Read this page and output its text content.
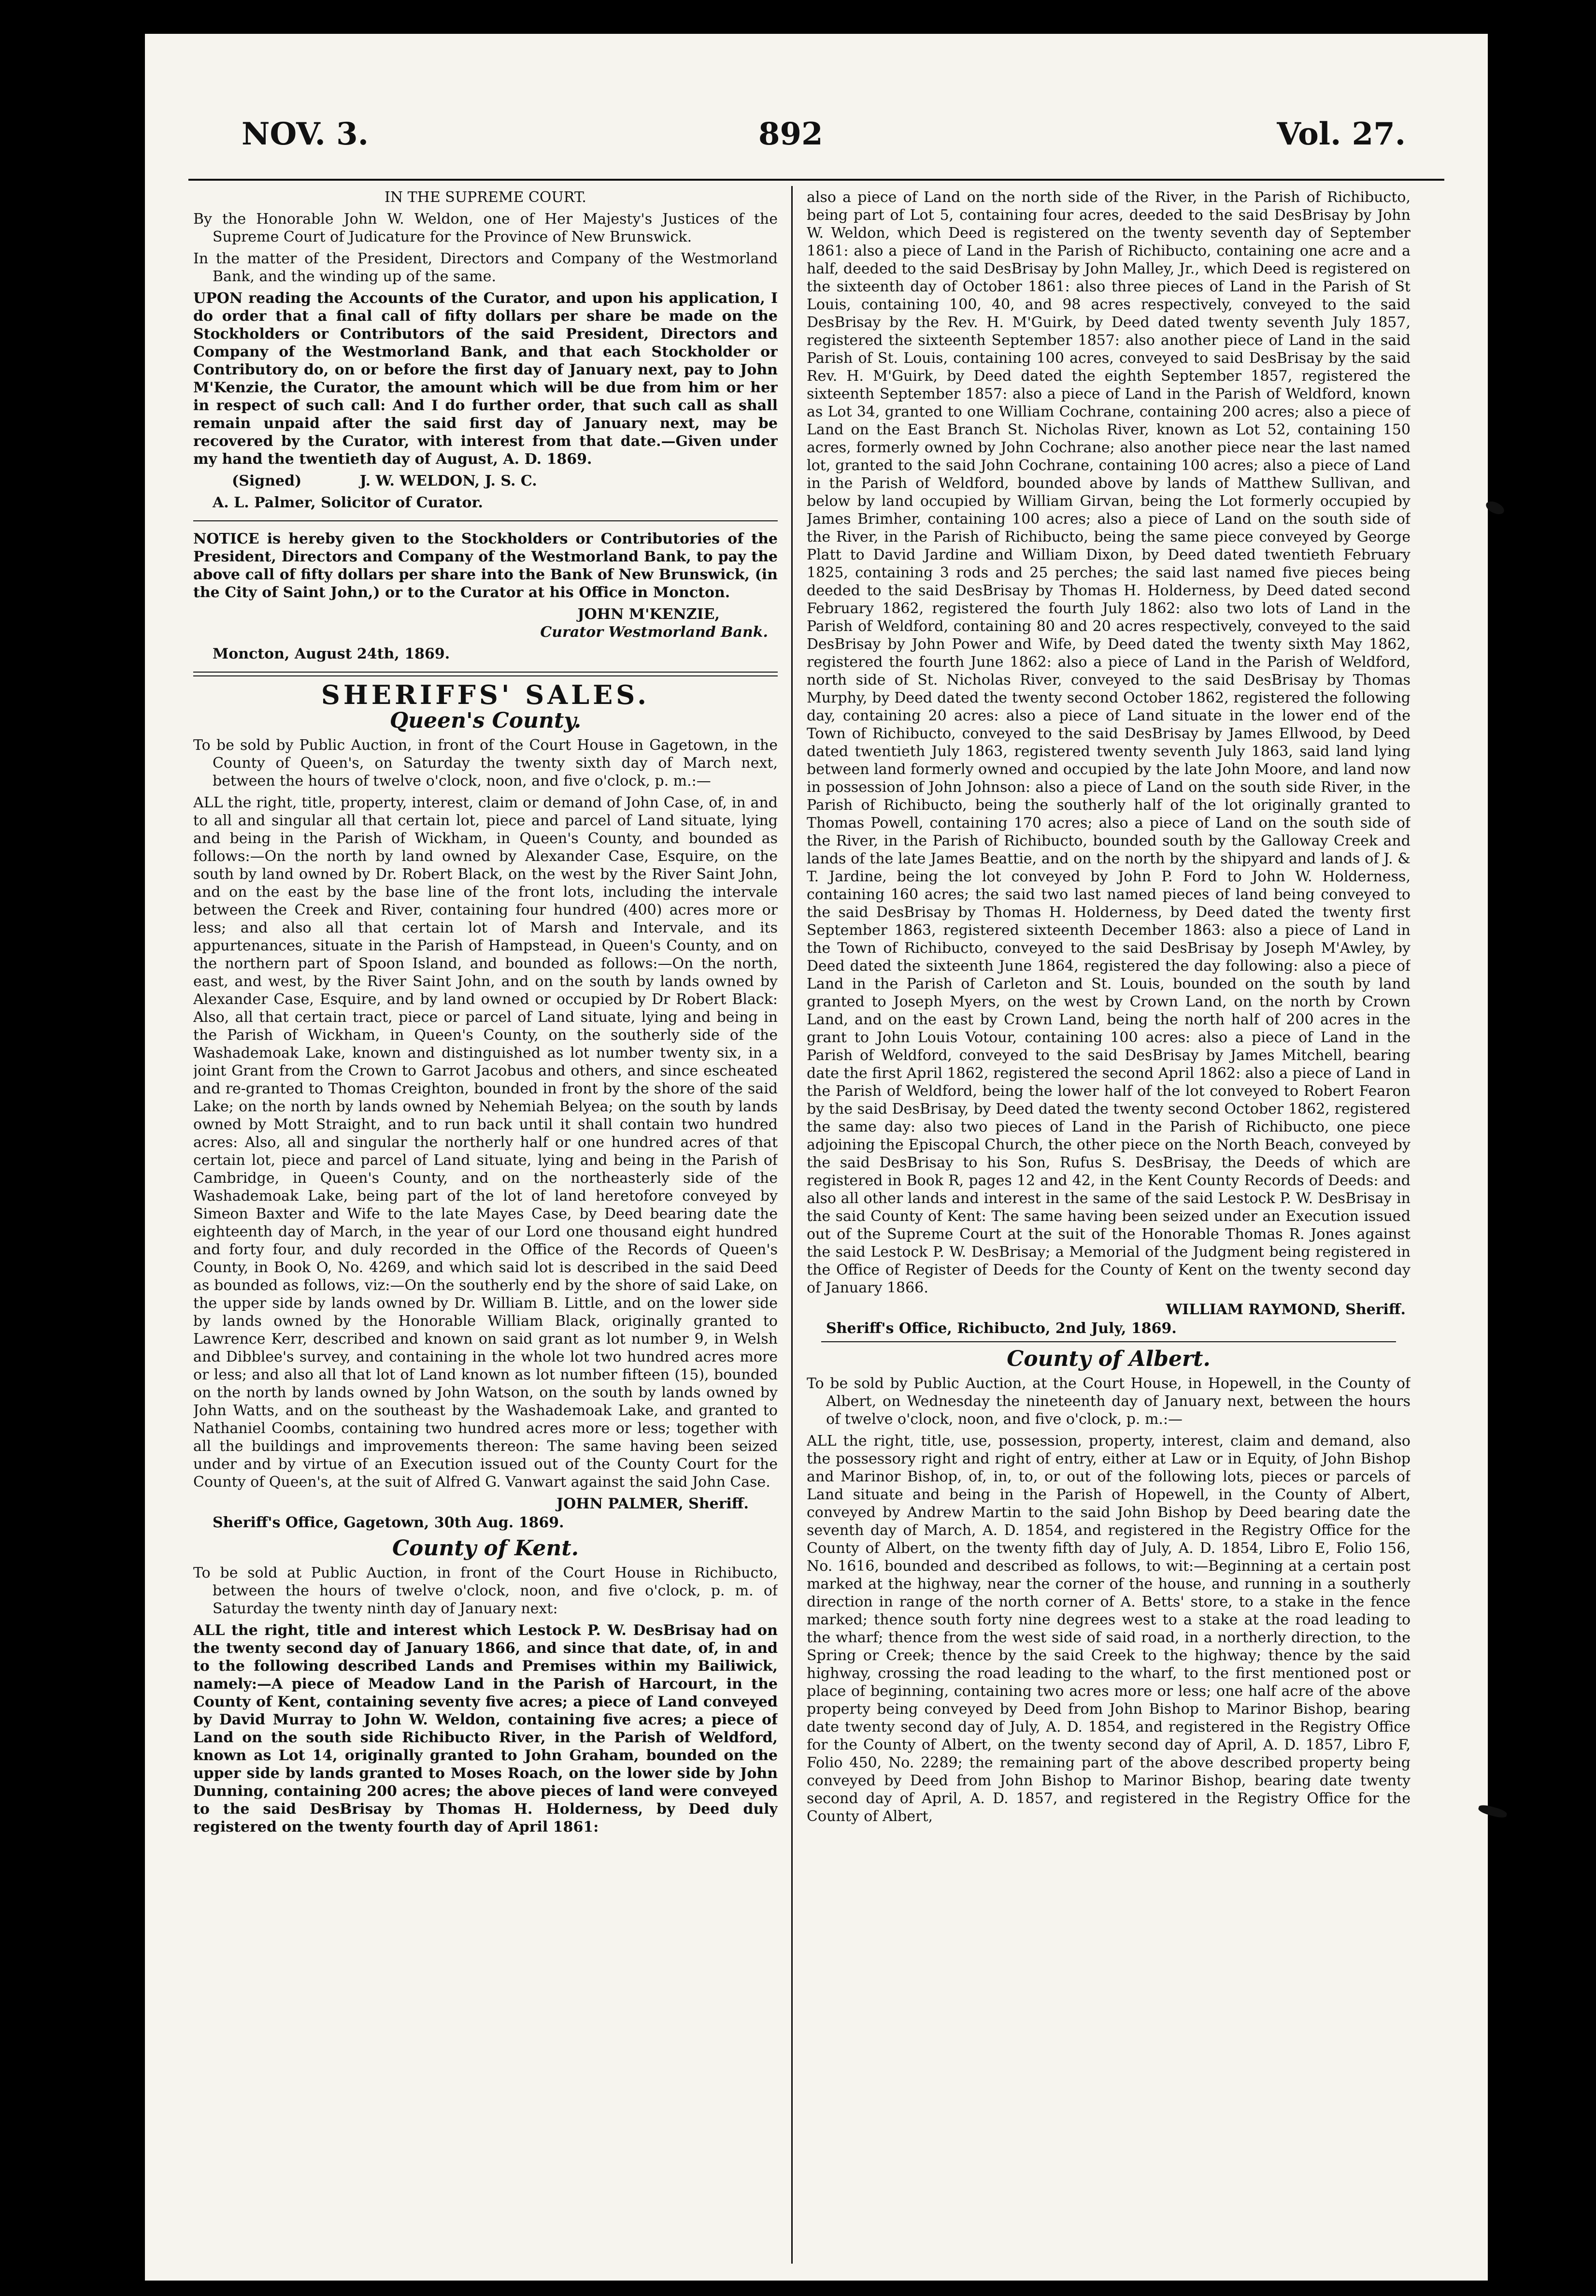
NOV. 3.	892	Vol. 27.

IN THE SUPREME COURT.

By the Honorable John W. Weldon, one of Her Majesty's Justices of the Supreme Court of Judicature for the Province of New Brunswick.

In the matter of the President, Directors and Company of the Westmorland Bank, and the winding up of the same.

UPON reading the Accounts of the Curator, and upon his application, I do order that a final call of fifty dollars per share be made on the Stockholders or Contributors of the said President, Directors and Company of the Westmorland Bank, and that each Stockholder or Contributory do, on or before the first day of January next, pay to John M'Kenzie, the Curator, the amount which will be due from him or her in respect of such call: And I do further order, that such call as shall remain unpaid after the said first day of January next, may be recovered by the Curator, with interest from that date.—Given under my hand the twentieth day of August, A. D. 1869.

(Signed)	J. W. WELDON, J. S. C.

A. L. Palmer, Solicitor of Curator.

NOTICE is hereby given to the Stockholders or Contributories of the President, Directors and Company of the Westmorland Bank, to pay the above call of fifty dollars per share into the Bank of New Brunswick, (in the City of Saint John,) or to the Curator at his Office in Moncton.

JOHN M'KENZIE,

Curator Westmorland Bank.

Moncton, August 24th, 1869.

SHERIFFS' SALES.
Queen's County.

To be sold by Public Auction, in front of the Court House in Gagetown, in the County of Queen's, on Saturday the twenty sixth day of March next, between the hours of twelve o'clock, noon, and five o'clock, p. m.:—

ALL the right, title, property, interest, claim or demand of John Case, of, in and to all and singular all that certain lot, piece and parcel of Land situate, lying and being in the Parish of Wickham, in Queen's County, and bounded as follows:—On the north by land owned by Alexander Case, Esquire, on the south by land owned by Dr. Robert Black, on the west by the River Saint John, and on the east by the base line of the front lots, including the intervale between the Creek and River, containing four hundred (400) acres more or less; and also all that certain lot of Marsh and Intervale, and its appurtenances, situate in the Parish of Hampstead, in Queen's County, and on the northern part of Spoon Island, and bounded as follows:—On the north, east, and west, by the River Saint John, and on the south by lands owned by Alexander Case, Esquire, and by land owned or occupied by Dr Robert Black: Also, all that certain tract, piece or parcel of Land situate, lying and being in the Parish of Wickham, in Queen's County, on the southerly side of the Washademoak Lake, known and distinguished as lot number twenty six, in a joint Grant from the Crown to Garrot Jacobus and others, and since escheated and re-granted to Thomas Creighton, bounded in front by the shore of the said Lake; on the north by lands owned by Nehemiah Belyea; on the south by lands owned by Mott Straight, and to run back until it shall contain two hundred acres: Also, all and singular the northerly half or one hundred acres of that certain lot, piece and parcel of Land situate, lying and being in the Parish of Cambridge, in Queen's County, and on the northeasterly side of the Washademoak Lake, being part of the lot of land heretofore conveyed by Simeon Baxter and Wife to the late Mayes Case, by Deed bearing date the eighteenth day of March, in the year of our Lord one thousand eight hundred and forty four, and duly recorded in the Office of the Records of Queen's County, in Book O, No. 4269, and which said lot is described in the said Deed as bounded as follows, viz:—On the southerly end by the shore of said Lake, on the upper side by lands owned by Dr. William B. Little, and on the lower side by lands owned by the Honorable William Black, originally granted to Lawrence Kerr, described and known on said grant as lot number 9, in Welsh and Dibblee's survey, and containing in the whole lot two hundred acres more or less; and also all that lot of Land known as lot number fifteen (15), bounded on the north by lands owned by John Watson, on the south by lands owned by John Watts, and on the southeast by the Washademoak Lake, and granted to Nathaniel Coombs, containing two hundred acres more or less; together with all the buildings and improvements thereon: The same having been seized under and by virtue of an Execution issued out of the County Court for the County of Queen's, at the suit of Alfred G. Vanwart against the said John Case.

JOHN PALMER, Sheriff.

Sheriff's Office, Gagetown, 30th Aug. 1869.

County of Kent.

To be sold at Public Auction, in front of the Court House in Richibucto, between the hours of twelve o'clock, noon, and five o'clock, p. m. of Saturday the twenty ninth day of January next:

ALL the right, title and interest which Lestock P. W. DesBrisay had on the twenty second day of January 1866, and since that date, of, in and to the following described Lands and Premises within my Bailiwick, namely:—A piece of Meadow Land in the Parish of Harcourt, in the County of Kent, containing seventy five acres; a piece of Land conveyed by David Murray to John W. Weldon, containing five acres; a piece of Land on the south side Richibucto River, in the Parish of Weldford, known as Lot 14, originally granted to John Graham, bounded on the upper side by lands granted to Moses Roach, on the lower side by John Dunning, containing 200 acres; the above pieces of land were conveyed to the said DesBrisay by Thomas H. Holderness, by Deed duly registered on the twenty fourth day of April 1861:

also a piece of Land on the north side of the River, in the Parish of Richibucto, being part of Lot 5, containing four acres, deeded to the said DesBrisay by John W. Weldon, which Deed is registered on the twenty seventh day of September 1861: also a piece of Land in the Parish of Richibucto, containing one acre and a half, deeded to the said DesBrisay by John Malley, Jr., which Deed is registered on the sixteenth day of October 1861: also three pieces of Land in the Parish of St Louis, containing 100, 40, and 98 acres respectively, conveyed to the said DesBrisay by the Rev. H. M'Guirk, by Deed dated twenty seventh July 1857, registered the sixteenth September 1857: also another piece of Land in the said Parish of St. Louis, containing 100 acres, conveyed to said DesBrisay by the said Rev. H. M'Guirk, by Deed dated the eighth September 1857, registered the sixteenth September 1857: also a piece of Land in the Parish of Weldford, known as Lot 34, granted to one William Cochrane, containing 200 acres; also a piece of Land on the East Branch St. Nicholas River, known as Lot 52, containing 150 acres, formerly owned by John Cochrane; also another piece near the last named lot, granted to the said John Cochrane, containing 100 acres; also a piece of Land in the Parish of Weldford, bounded above by lands of Matthew Sullivan, and below by land occupied by William Girvan, being the Lot formerly occupied by James Brimher, containing 100 acres; also a piece of Land on the south side of the River, in the Parish of Richibucto, being the same piece conveyed by George Platt to David Jardine and William Dixon, by Deed dated twentieth February 1825, containing 3 rods and 25 perches; the said last named five pieces being deeded to the said DesBrisay by Thomas H. Holderness, by Deed dated second February 1862, registered the fourth July 1862: also two lots of Land in the Parish of Weldford, containing 80 and 20 acres respectively, conveyed to the said DesBrisay by John Power and Wife, by Deed dated the twenty sixth May 1862, registered the fourth June 1862: also a piece of Land in the Parish of Weldford, north side of St. Nicholas River, conveyed to the said DesBrisay by Thomas Murphy, by Deed dated the twenty second October 1862, registered the following day, containing 20 acres: also a piece of Land situate in the lower end of the Town of Richibucto, conveyed to the said DesBrisay by James Ellwood, by Deed dated twentieth July 1863, registered twenty seventh July 1863, said land lying between land formerly owned and occupied by the late John Moore, and land now in possession of John Johnson: also a piece of Land on the south side River, in the Parish of Richibucto, being the southerly half of the lot originally granted to Thomas Powell, containing 170 acres; also a piece of Land on the south side of the River, in the Parish of Richibucto, bounded south by the Galloway Creek and lands of the late James Beattie, and on the north by the shipyard and lands of J. & T. Jardine, being the lot conveyed by John P. Ford to John W. Holderness, containing 160 acres; the said two last named pieces of land being conveyed to the said DesBrisay by Thomas H. Holderness, by Deed dated the twenty first September 1863, registered sixteenth December 1863: also a piece of Land in the Town of Richibucto, conveyed to the said DesBrisay by Joseph M'Awley, by Deed dated the sixteenth June 1864, registered the day following: also a piece of Land in the Parish of Carleton and St. Louis, bounded on the south by land granted to Joseph Myers, on the west by Crown Land, on the north by Crown Land, and on the east by Crown Land, being the north half of 200 acres in the grant to John Louis Votour, containing 100 acres: also a piece of Land in the Parish of Weldford, conveyed to the said DesBrisay by James Mitchell, bearing date the first April 1862, registered the second April 1862: also a piece of Land in the Parish of Weldford, being the lower half of the lot conveyed to Robert Fearon by the said DesBrisay, by Deed dated the twenty second October 1862, registered the same day: also two pieces of Land in the Parish of Richibucto, one piece adjoining the Episcopal Church, the other piece on the North Beach, conveyed by the said DesBrisay to his Son, Rufus S. DesBrisay, the Deeds of which are registered in Book R, pages 12 and 42, in the Kent County Records of Deeds: and also all other lands and interest in the same of the said Lestock P. W. DesBrisay in the said County of Kent: The same having been seized under an Execution issued out of the Supreme Court at the suit of the Honorable Thomas R. Jones against the said Lestock P. W. DesBrisay; a Memorial of the Judgment being registered in the Office of Register of Deeds for the County of Kent on the twenty second day of January 1866.

WILLIAM RAYMOND, Sheriff.

Sheriff's Office, Richibucto, 2nd July, 1869.

County of Albert.

To be sold by Public Auction, at the Court House, in Hopewell, in the County of Albert, on Wednesday the nineteenth day of January next, between the hours of twelve o'clock, noon, and five o'clock, p. m.:—

ALL the right, title, use, possession, property, interest, claim and demand, also the possessory right and right of entry, either at Law or in Equity, of John Bishop and Marinor Bishop, of, in, to, or out of the following lots, pieces or parcels of Land situate and being in the Parish of Hopewell, in the County of Albert, conveyed by Andrew Martin to the said John Bishop by Deed bearing date the seventh day of March, A. D. 1854, and registered in the Registry Office for the County of Albert, on the twenty fifth day of July, A. D. 1854, Libro E, Folio 156, No. 1616, bounded and described as follows, to wit:—Beginning at a certain post marked at the highway, near the corner of the house, and running in a southerly direction in range of the north corner of A. Betts' store, to a stake in the fence marked; thence south forty nine degrees west to a stake at the road leading to the wharf; thence from the west side of said road, in a northerly direction, to the Spring or Creek; thence by the said Creek to the highway; thence by the said highway, crossing the road leading to the wharf, to the first mentioned post or place of beginning, containing two acres more or less; one half acre of the above property being conveyed by Deed from John Bishop to Marinor Bishop, bearing date twenty second day of July, A. D. 1854, and registered in the Registry Office for the County of Albert, on the twenty second day of April, A. D. 1857, Libro F, Folio 450, No. 2289; the remaining part of the above described property being conveyed by Deed from John Bishop to Marinor Bishop, bearing date twenty second day of April, A. D. 1857, and registered in the Registry Office for the County of Albert,
